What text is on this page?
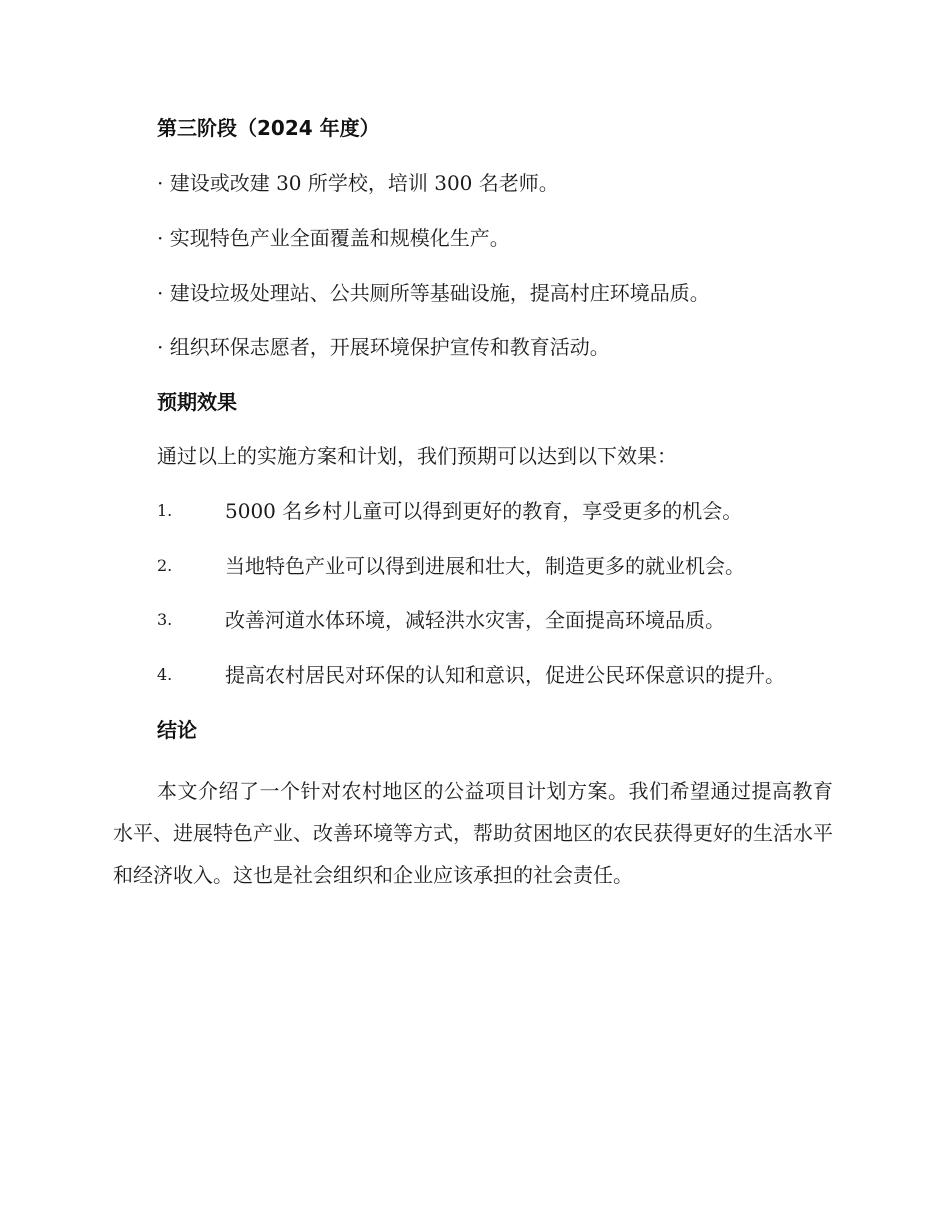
第三阶段（2024 年度）
· 建设或改建 30 所学校，培训 300 名老师。
· 实现特色产业全面覆盖和规模化生产。
· 建设垃圾处理站、公共厕所等基础设施，提高村庄环境品质。
· 组织环保志愿者，开展环境保护宣传和教育活动。
预期效果
通过以上的实施方案和计划，我们预期可以达到以下效果：
1.	5000 名乡村儿童可以得到更好的教育，享受更多的机会。
2.	当地特色产业可以得到进展和壮大，制造更多的就业机会。
3.	改善河道水体环境，减轻洪水灾害，全面提高环境品质。
4.	提高农村居民对环保的认知和意识，促进公民环保意识的提升。
结论
本文介绍了一个针对农村地区的公益项目计划方案。我们希望通过提高教育水平、进展特色产业、改善环境等方式，帮助贫困地区的农民获得更好的生活水平和经济收入。这也是社会组织和企业应该承担的社会责任。
